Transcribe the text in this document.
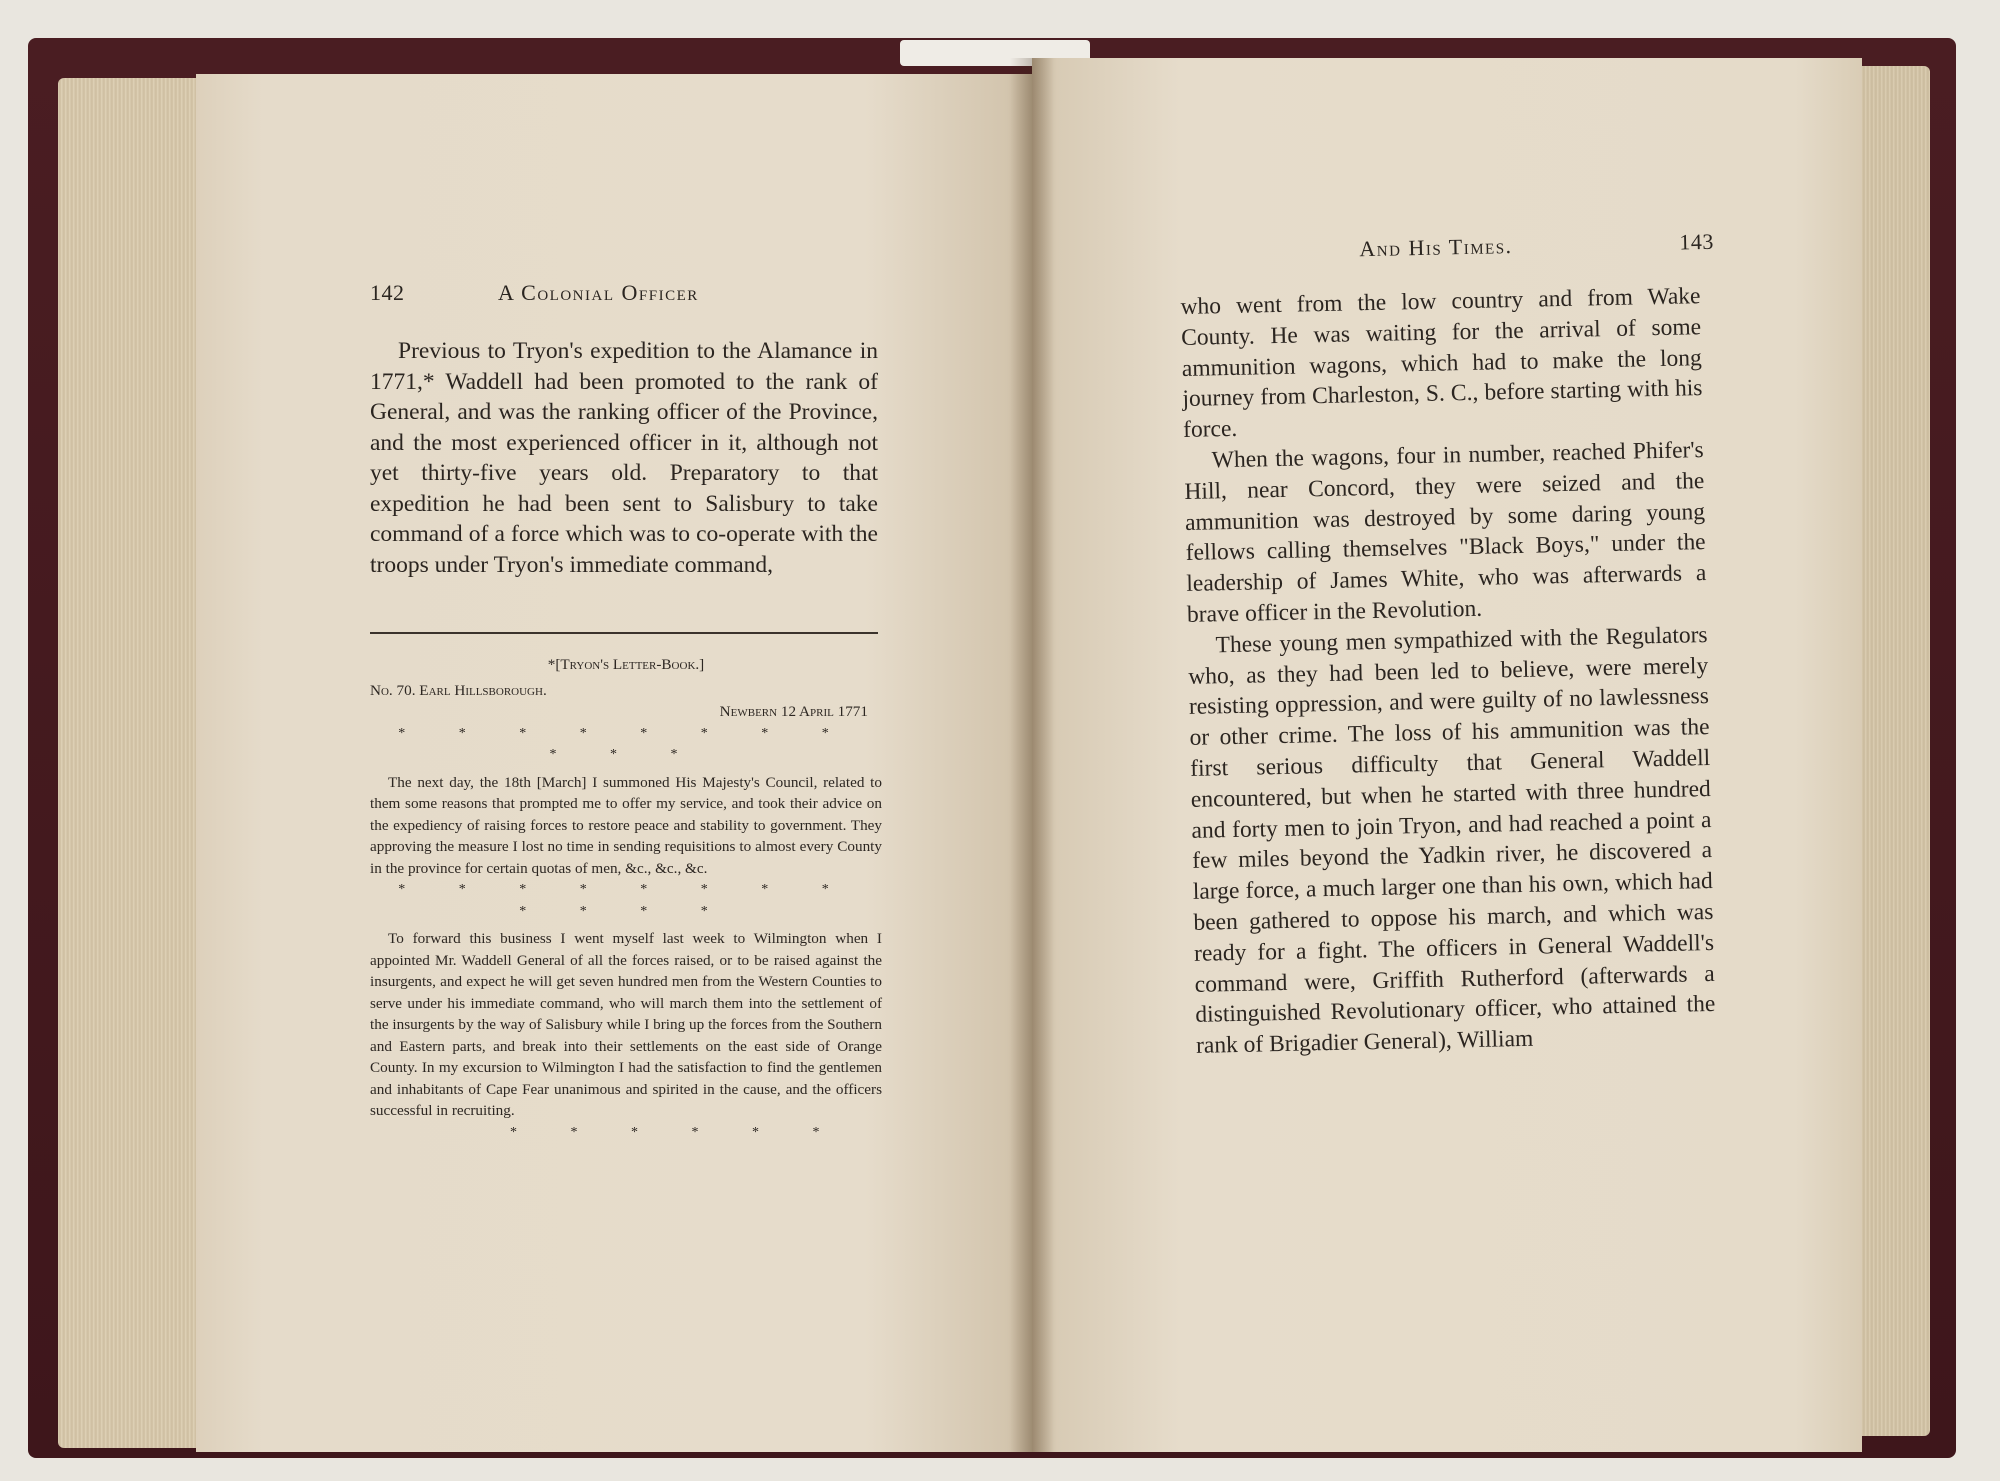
142	A Colonial Officer

Previous to Tryon's expedition to the Alamance in 1771,* Waddell had been promoted to the rank of General, and was the ranking officer of the Province, and the most experienced officer in it, although not yet thirty-five years old. Preparatory to that expedition he had been sent to Salisbury to take command of a force which was to co-operate with the troops under Tryon's immediate command,

*[Tryon's Letter-Book.]
No. 70. Earl Hillsborough.
Newbern 12 April 1771
* * * * * * * * * * *

The next day, the 18th [March] I summoned His Majesty's Council, related to them some reasons that prompted me to offer my service, and took their advice on the expediency of raising forces to restore peace and stability to government. They approving the measure I lost no time in sending requisitions to almost every County in the province for certain quotas of men, &c., &c., &c.

* * * * * * * * * * * *

To forward this business I went myself last week to Wilmington when I appointed Mr. Waddell General of all the forces raised, or to be raised against the insurgents, and expect he will get seven hundred men from the Western Counties to serve under his immediate command, who will march them into the settlement of the insurgents by the way of Salisbury while I bring up the forces from the Southern and Eastern parts, and break into their settlements on the east side of Orange County. In my excursion to Wilmington I had the satisfaction to find the gentlemen and inhabitants of Cape Fear unanimous and spirited in the cause, and the officers successful in recruiting.

* * * * * *
And His Times.	143

who went from the low country and from Wake County. He was waiting for the arrival of some ammunition wagons, which had to make the long journey from Charleston, S. C., before starting with his force.

When the wagons, four in number, reached Phifer's Hill, near Concord, they were seized and the ammunition was destroyed by some daring young fellows calling themselves "Black Boys," under the leadership of James White, who was afterwards a brave officer in the Revolution.

These young men sympathized with the Regulators who, as they had been led to believe, were merely resisting oppression, and were guilty of no lawlessness or other crime. The loss of his ammunition was the first serious difficulty that General Waddell encountered, but when he started with three hundred and forty men to join Tryon, and had reached a point a few miles beyond the Yadkin river, he discovered a large force, a much larger one than his own, which had been gathered to oppose his march, and which was ready for a fight. The officers in General Waddell's command were, Griffith Rutherford (afterwards a distinguished Revolutionary officer, who attained the rank of Brigadier General), William
